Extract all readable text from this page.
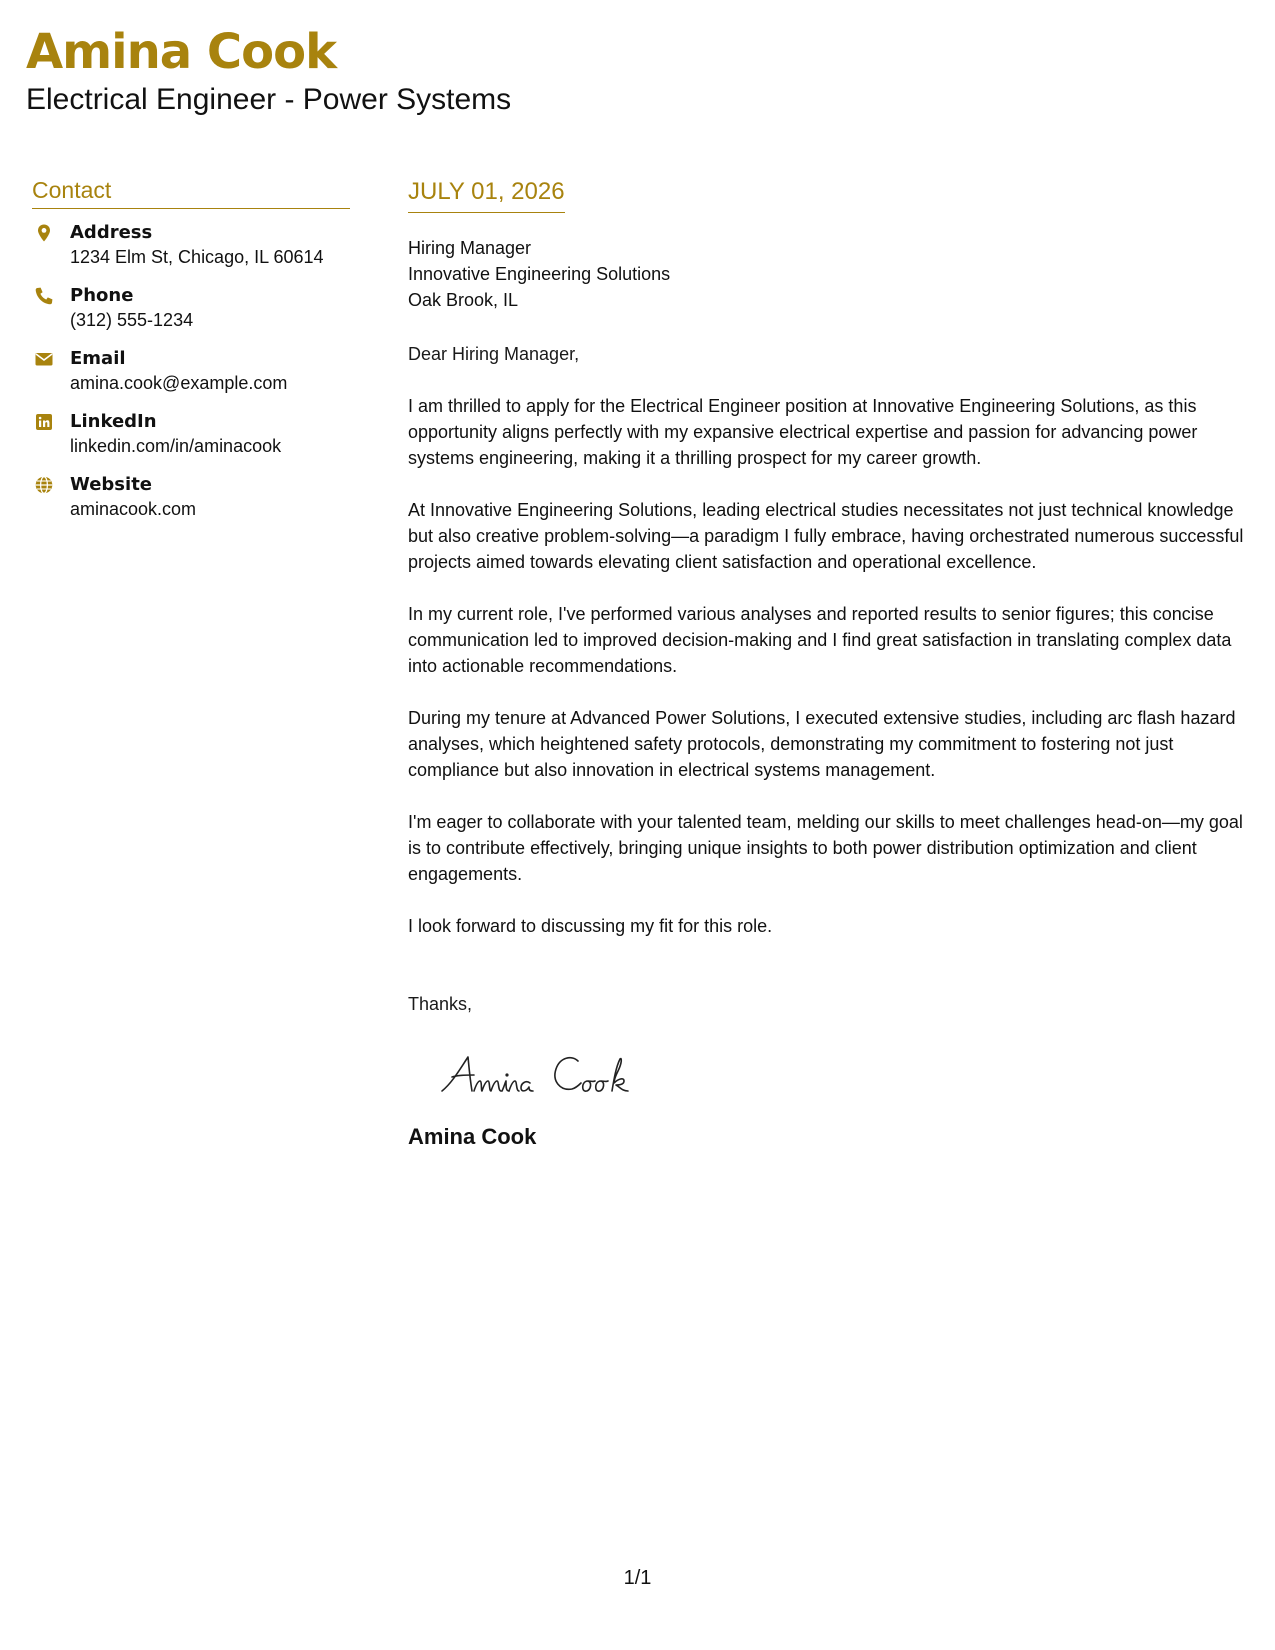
Amina Cook
Electrical Engineer - Power Systems
Contact
Address
1234 Elm St, Chicago, IL 60614
Phone
(312) 555-1234
Email
amina.cook@example.com
LinkedIn
linkedin.com/in/aminacook
Website
aminacook.com
JULY 01, 2026
Hiring Manager
Innovative Engineering Solutions
Oak Brook, IL
Dear Hiring Manager,
I am thrilled to apply for the Electrical Engineer position at Innovative Engineering Solutions, as this opportunity aligns perfectly with my expansive electrical expertise and passion for advancing power systems engineering, making it a thrilling prospect for my career growth.
At Innovative Engineering Solutions, leading electrical studies necessitates not just technical knowledge but also creative problem-solving—a paradigm I fully embrace, having orchestrated numerous successful projects aimed towards elevating client satisfaction and operational excellence.
In my current role, I've performed various analyses and reported results to senior figures; this concise communication led to improved decision-making and I find great satisfaction in translating complex data into actionable recommendations.
During my tenure at Advanced Power Solutions, I executed extensive studies, including arc flash hazard analyses, which heightened safety protocols, demonstrating my commitment to fostering not just compliance but also innovation in electrical systems management.
I'm eager to collaborate with your talented team, melding our skills to meet challenges head-on—my goal is to contribute effectively, bringing unique insights to both power distribution optimization and client engagements.
I look forward to discussing my fit for this role.
Thanks,
Amina Cook
1/1
